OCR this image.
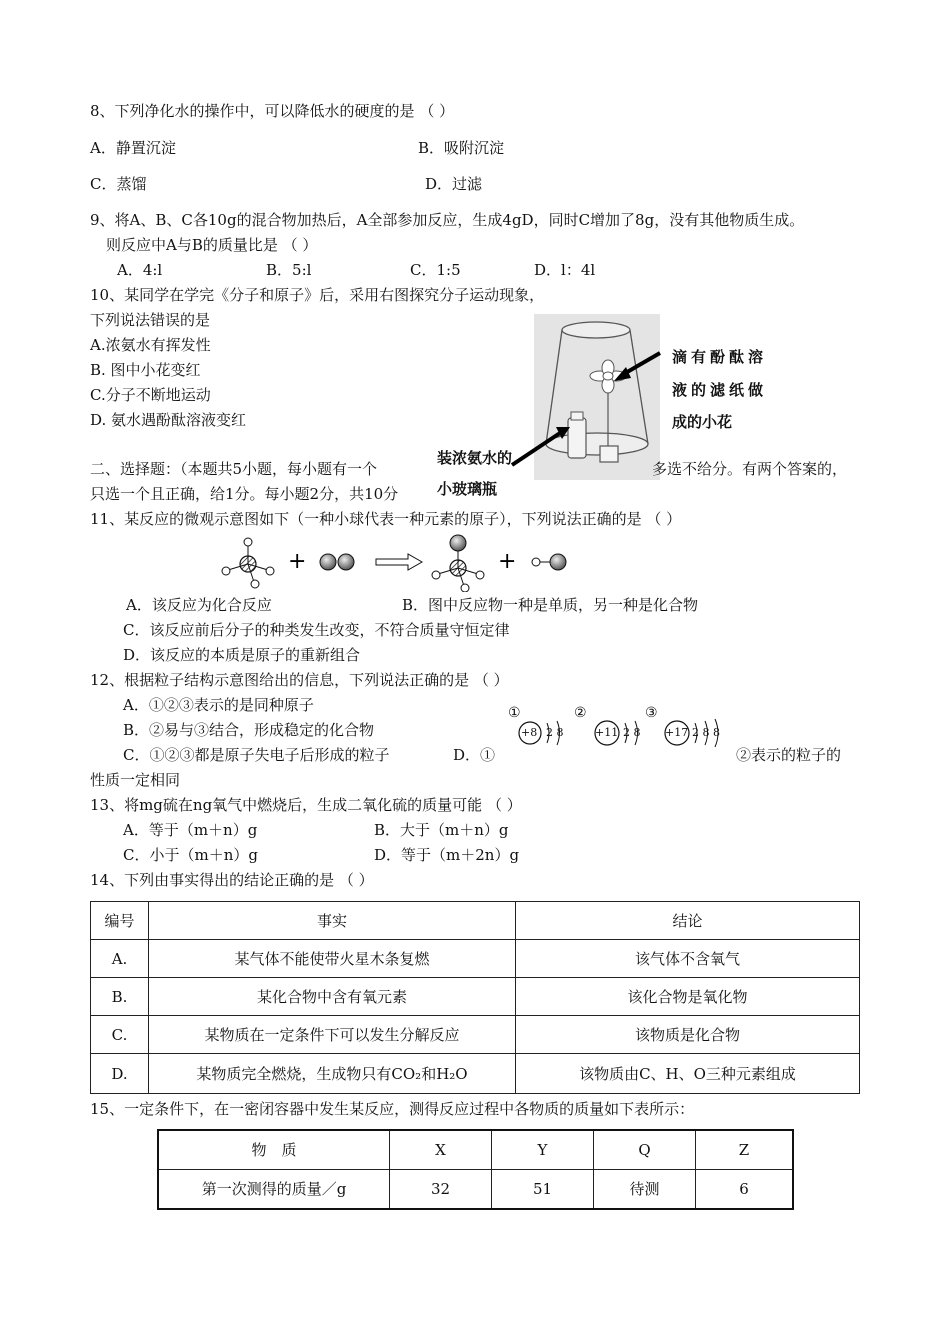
8、下列净化水的操作中，可以降低水的硬度的是 （ ）
A．静置沉淀	B．吸附沉淀
C．蒸馏	D．过滤
9、将A、B、C各10g的混合物加热后，A全部参加反应，生成4gD，同时C增加了8g，没有其他物质生成。
则反应中A与B的质量比是 （ ）
A．4:l	B．5:l	C．1:5	D．l：4l
10、某同学在学完《分子和原子》后，采用右图探究分子运动现象，
下列说法错误的是
A.浓氨水有挥发性
B. 图中小花变红
C.分子不断地运动
D. 氨水遇酚酞溶液变红
滴有酚酞溶
液的滤纸做
成的小花
装浓氨水的
小玻璃瓶
二、选择题：（本题共5小题，每小题有一个	多选不给分。有两个答案的，
只选一个且正确，给1分。每小题2分，共10分
11、某反应的微观示意图如下（一种小球代表一种元素的原子），下列说法正确的是 （ ）
+	+
A．该反应为化合反应	B．图中反应物一种是单质，另一种是化合物
C．该反应前后分子的种类发生改变，不符合质量守恒定律
D．该反应的本质是原子的重新组合
12、根据粒子结构示意图给出的信息，下列说法正确的是 （ ）
A．①②③表示的是同种原子
B．②易与③结合，形成稳定的化合物
C．①②③都是原子失电子后形成的粒子	D．①	②表示的粒子的
性质一定相同
①
+8 2 8
②
+11 2 8
③
+17 2 8 8
13、将mg硫在ng氧气中燃烧后，生成二氧化硫的质量可能 （ ）
A．等于（m＋n）g	B．大于（m＋n）g
C．小于（m＋n）g	D．等于（m＋2n）g
14、下列由事实得出的结论正确的是 （ ）
编号	事实	结论
A.	某气体不能使带火星木条复燃	该气体不含氧气
B.	某化合物中含有氧元素	该化合物是氧化物
C.	某物质在一定条件下可以发生分解反应	该物质是化合物
D.	某物质完全燃烧，生成物只有CO₂和H₂O	该物质由C、H、O三种元素组成
15、一定条件下，在一密闭容器中发生某反应，测得反应过程中各物质的质量如下表所示：
物　质	X	Y	Q	Z
第一次测得的质量／g	32	51	待测	6
